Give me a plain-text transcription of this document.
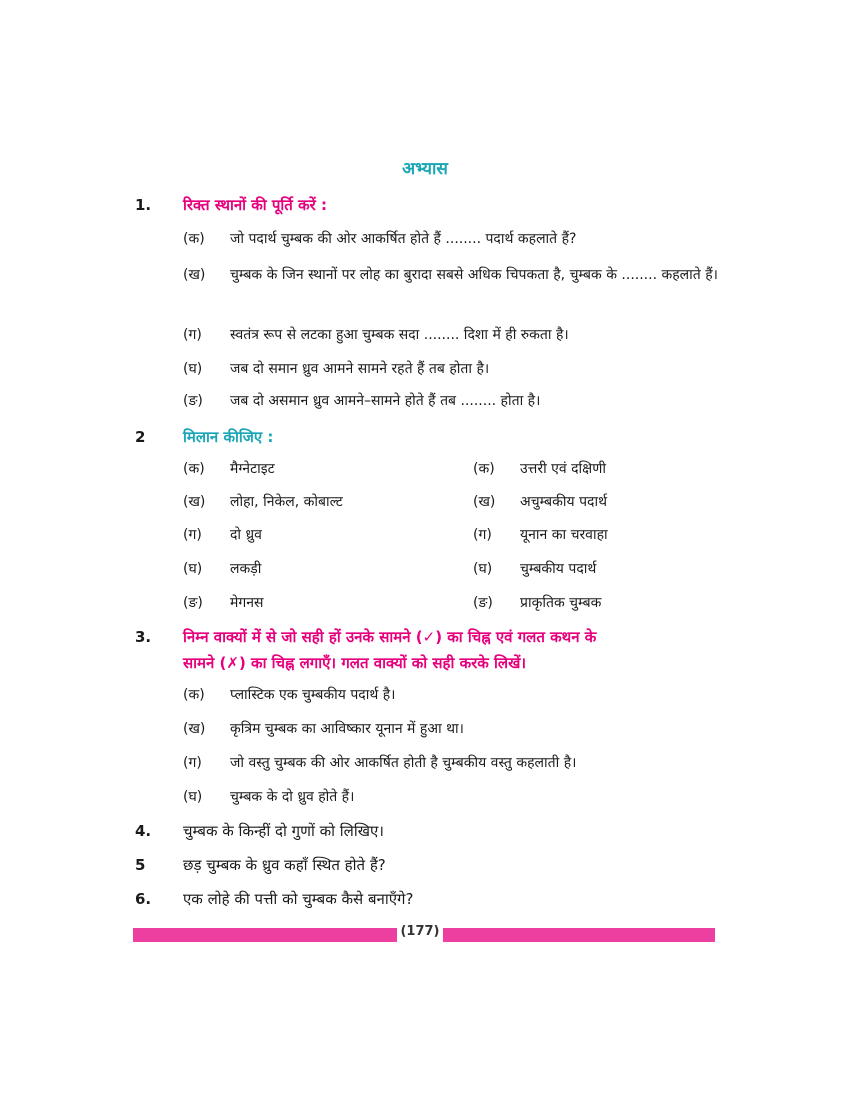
अभ्यास
1.	रिक्त स्थानों की पूर्ति करें :
(क)	जो पदार्थ चुम्बक की ओर आकर्षित होते हैं ........ पदार्थ कहलाते हैं?
(ख)	चुम्बक के जिन स्थानों पर लोह का बुरादा सबसे अधिक चिपकता है, चुम्बक के ........ कहलाते हैं।
(ग)	स्वतंत्र रूप से लटका हुआ चुम्बक सदा ........ दिशा में ही रुकता है।
(घ)	जब दो समान ध्रुव आमने सामने रहते हैं तब होता है।
(ङ)	जब दो असमान ध्रुव आमने–सामने होते हैं तब ........ होता है।
2	मिलान कीजिए :
(क) मैग्नेटाइट	(क) उत्तरी एवं दक्षिणी
(ख) लोहा, निकेल, कोबाल्ट	(ख) अचुम्बकीय पदार्थ
(ग) दो ध्रुव	(ग) यूनान का चरवाहा
(घ) लकड़ी	(घ) चुम्बकीय पदार्थ
(ङ) मेगनस	(ङ) प्राकृतिक चुम्बक
3.	निम्न वाक्यों में से जो सही हों उनके सामने (✓) का चिह्न एवं गलत कथन के
सामने (✗) का चिह्न लगाएँ। गलत वाक्यों को सही करके लिखें।
(क)	प्लास्टिक एक चुम्बकीय पदार्थ है।
(ख)	कृत्रिम चुम्बक का आविष्कार यूनान में हुआ था।
(ग)	जो वस्तु चुम्बक की ओर आकर्षित होती है चुम्बकीय वस्तु कहलाती है।
(घ)	चुम्बक के दो ध्रुव होते हैं।
4.	चुम्बक के किन्हीं दो गुणों को लिखिए।
5	छड़ चुम्बक के ध्रुव कहाँ स्थित होते हैं?
6.	एक लोहे की पत्ती को चुम्बक कैसे बनाएँगे?
(177)
